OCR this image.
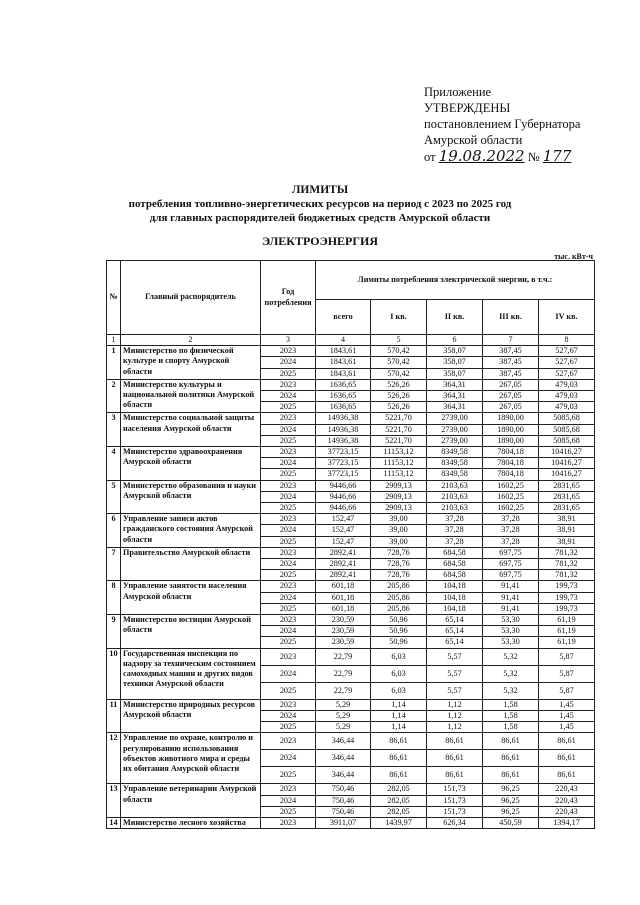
Приложение
УТВЕРЖДЕНЫ
постановлением Губернатора
Амурской области
от 19.08.2022 № 177
ЛИМИТЫ
потребления топливно-энергетических ресурсов на период с 2023 по 2025 год
для главных распорядителей бюджетных средств Амурской области
ЭЛЕКТРОЭНЕРГИЯ
тыс. кВт-ч
№	Главный распорядитель	Год потребления	Лимиты потребления электрической энергии, в т.ч.:				
			всего	I кв.	II кв.	III кв.	IV кв.
1	2	3	4	5	6	7	8
1	Министерство по физической культуре и спорту Амурской области	2023	1843,61	570,42	358,07	387,45	527,67
		2024	1843,61	570,42	358,07	387,45	527,67
		2025	1843,61	570,42	358,07	387,45	527,67
2	Министерство культуры и национальной политики Амурской области	2023	1636,65	526,26	364,31	267,05	479,03
		2024	1636,65	526,26	364,31	267,05	479,03
		2025	1636,65	526,26	364,31	267,05	479,03
3	Министерство социальной защиты населения Амурской области	2023	14936,38	5221,70	2739,00	1890,00	5085,68
		2024	14936,38	5221,70	2739,00	1890,00	5085,68
		2025	14936,38	5221,70	2739,00	1890,00	5085,68
4	Министерство здравоохранения Амурской области	2023	37723,15	11153,12	8349,58	7804,18	10416,27
		2024	37723,15	11153,12	8349,58	7804,18	10416,27
		2025	37723,15	11153,12	8349,58	7804,18	10416,27
5	Министерство образования и науки Амурской области	2023	9446,66	2909,13	2103,63	1602,25	2831,65
		2024	9446,66	2909,13	2103,63	1602,25	2831,65
		2025	9446,66	2909,13	2103,63	1602,25	2831,65
6	Управление записи актов гражданского состояния Амурской области	2023	152,47	39,00	37,28	37,28	38,91
		2024	152,47	39,00	37,28	37,28	38,91
		2025	152,47	39,00	37,28	37,28	38,91
7	Правительство Амурской области	2023	2892,41	728,76	684,58	697,75	781,32
		2024	2892,41	728,76	684,58	697,75	781,32
		2025	2892,41	728,76	684,58	697,75	781,32
8	Управление занятости населения Амурской области	2023	601,18	205,86	104,18	91,41	199,73
		2024	601,18	205,86	104,18	91,41	199,73
		2025	601,18	205,86	104,18	91,41	199,73
9	Министерство юстиции Амурской области	2023	230,59	50,96	65,14	53,30	61,19
		2024	230,59	50,96	65,14	53,30	61,19
		2025	230,59	50,96	65,14	53,30	61,19
10	Государственная инспекция по надзору за техническим состоянием самоходных машин и других видов техники Амурской области	2023	22,79	6,03	5,57	5,32	5,87
		2024	22,79	6,03	5,57	5,32	5,87
		2025	22,79	6,03	5,57	5,32	5,87
11	Министерство природных ресурсов Амурской области	2023	5,29	1,14	1,12	1,58	1,45
		2024	5,29	1,14	1,12	1,58	1,45
		2025	5,29	1,14	1,12	1,58	1,45
12	Управление по охране, контролю и регулированию использования объектов животного мира и среды их обитания Амурской области	2023	346,44	86,61	86,61	86,61	86,61
		2024	346,44	86,61	86,61	86,61	86,61
		2025	346,44	86,61	86,61	86,61	86,61
13	Управление ветеринарии Амурской области	2023	750,46	282,05	151,73	96,25	220,43
		2024	750,46	282,05	151,73	96,25	220,43
		2025	750,46	282,05	151,73	96,25	220,43
14	Министерство лесного хозяйства	2023	3911,07	1439,97	626,34	450,59	1394,17
